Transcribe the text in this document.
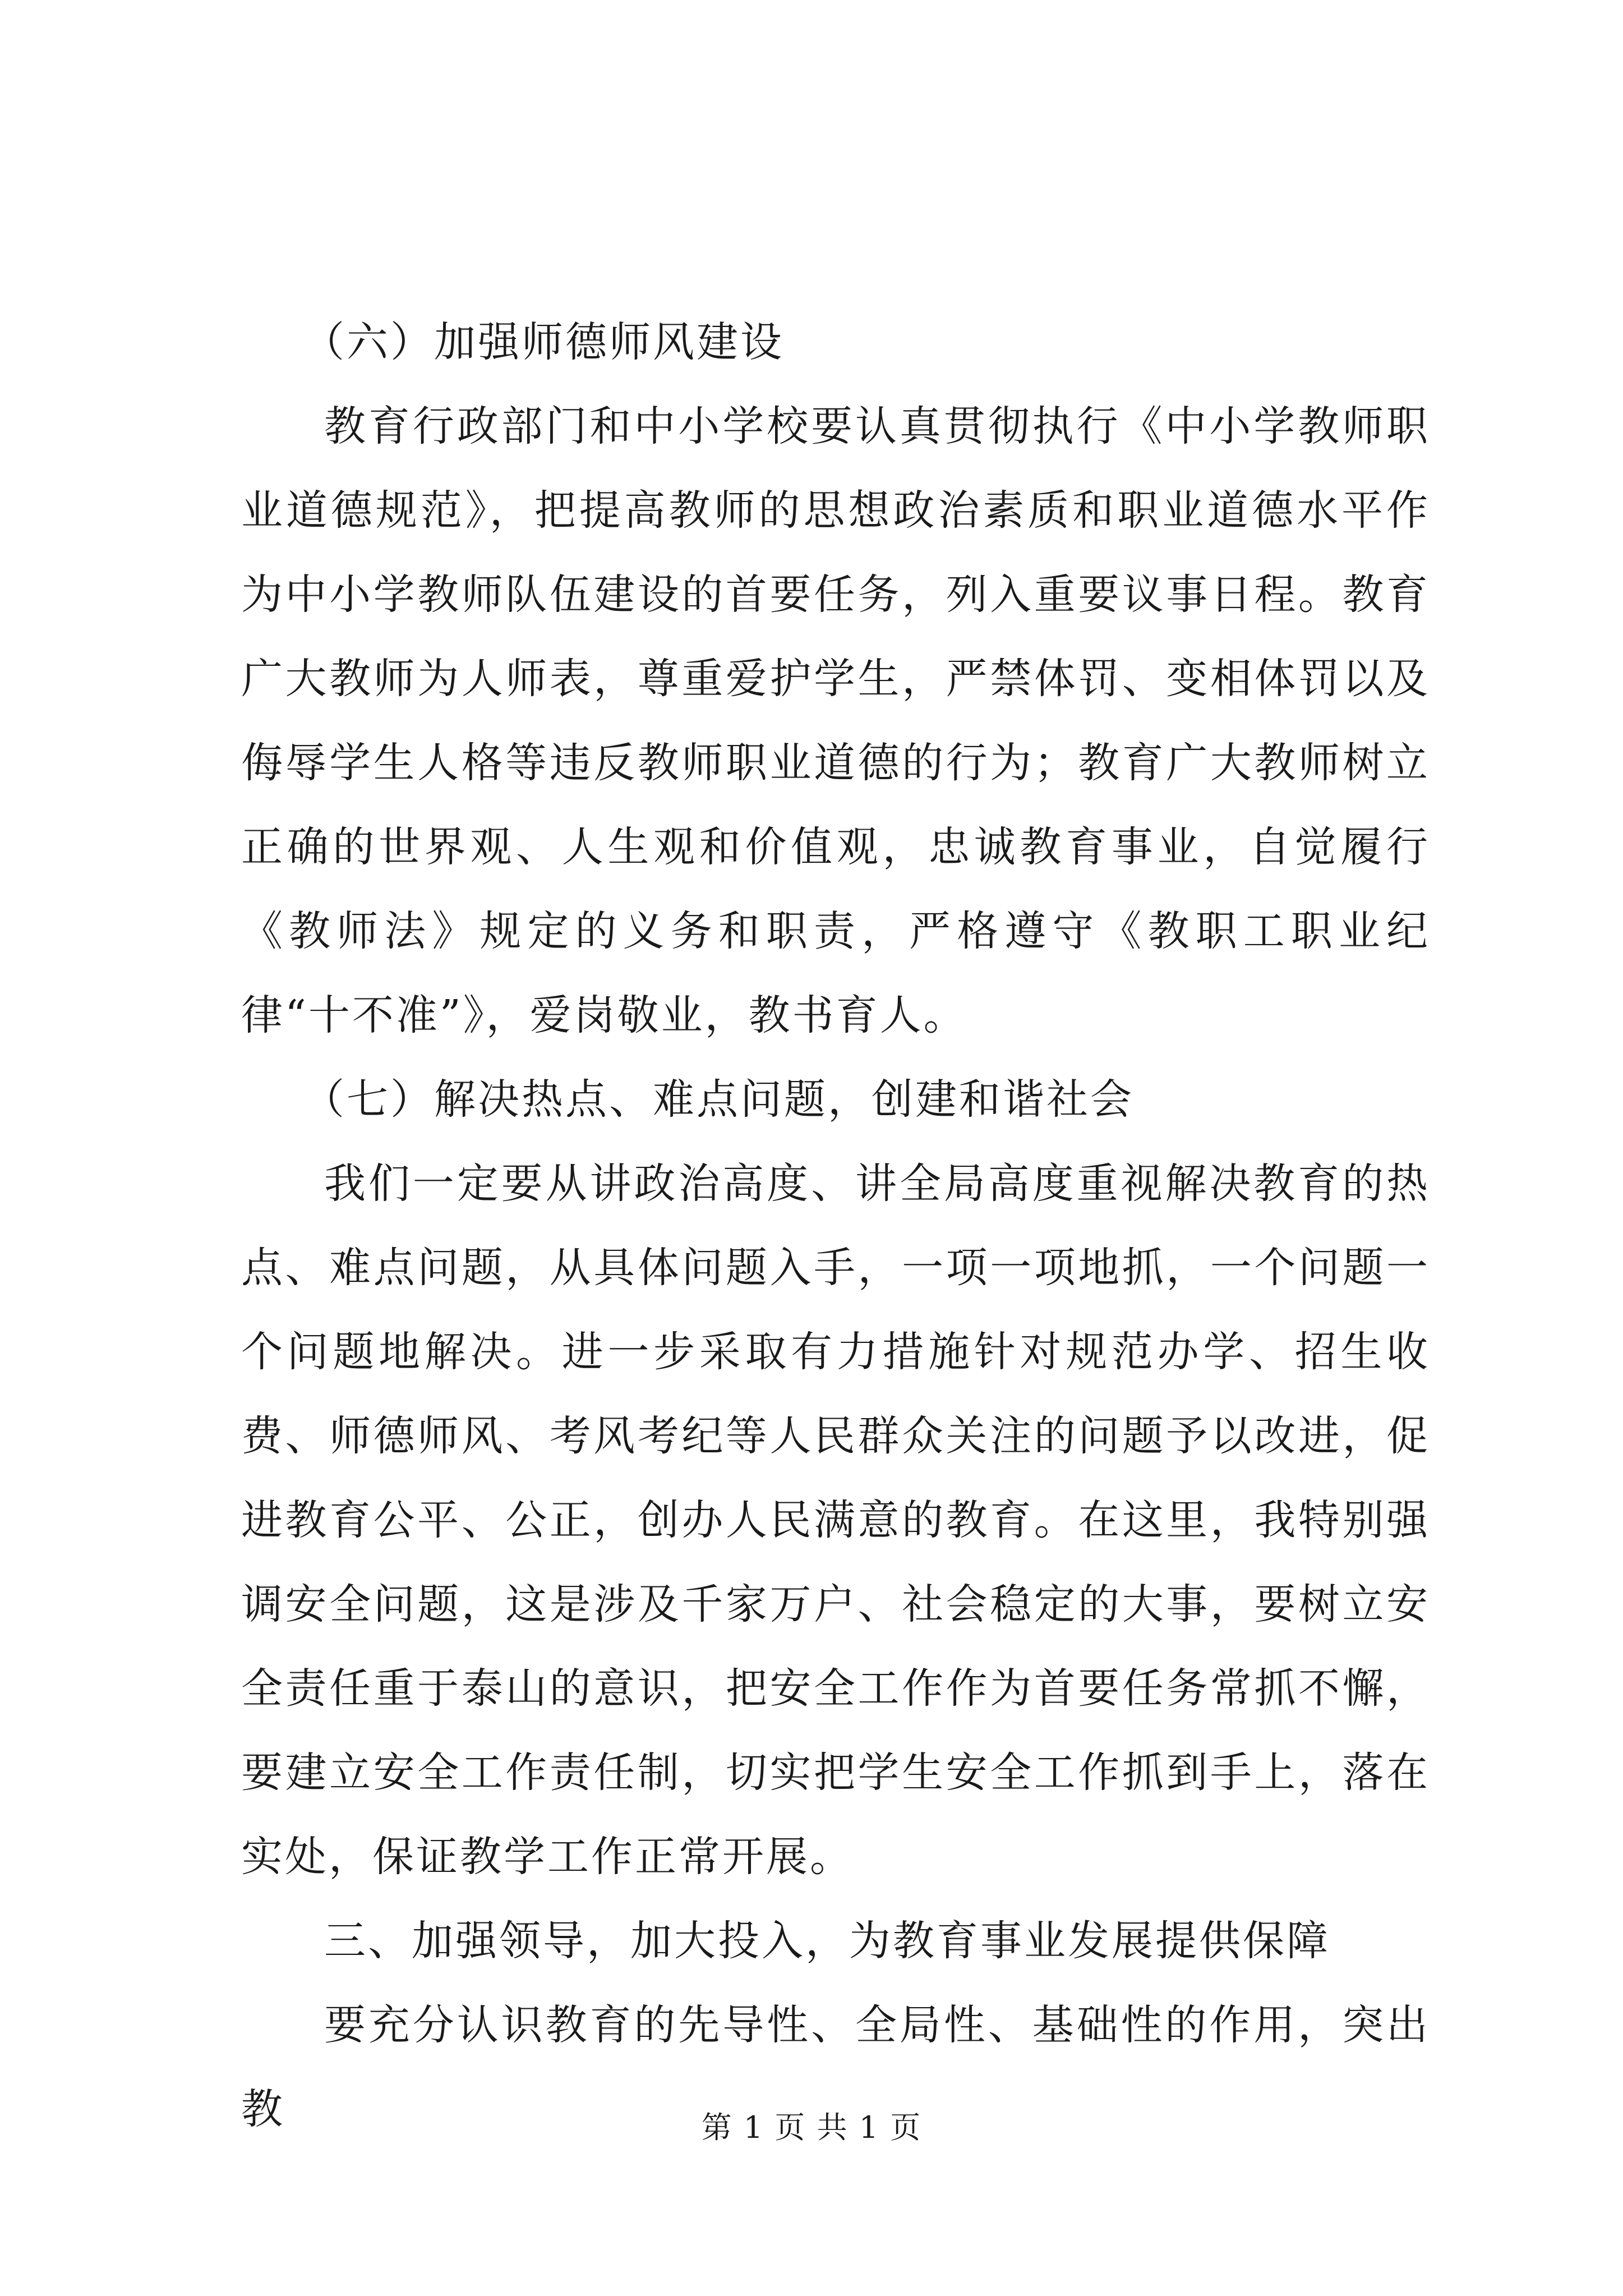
（六）加强师德师风建设

教育行政部门和中小学校要认真贯彻执行《中小学教师职业道德规范》，把提高教师的思想政治素质和职业道德水平作为中小学教师队伍建设的首要任务，列入重要议事日程。教育广大教师为人师表，尊重爱护学生，严禁体罚、变相体罚以及侮辱学生人格等违反教师职业道德的行为；教育广大教师树立正确的世界观、人生观和价值观，忠诚教育事业，自觉履行《教师法》规定的义务和职责，严格遵守《教职工职业纪律“十不准”》，爱岗敬业，教书育人。

（七）解决热点、难点问题，创建和谐社会

我们一定要从讲政治高度、讲全局高度重视解决教育的热点、难点问题，从具体问题入手，一项一项地抓，一个问题一个问题地解决。进一步采取有力措施针对规范办学、招生收费、师德师风、考风考纪等人民群众关注的问题予以改进，促进教育公平、公正，创办人民满意的教育。在这里，我特别强调安全问题，这是涉及千家万户、社会稳定的大事，要树立安全责任重于泰山的意识，把安全工作作为首要任务常抓不懈，要建立安全工作责任制，切实把学生安全工作抓到手上，落在实处，保证教学工作正常开展。

三、加强领导，加大投入，为教育事业发展提供保障

要充分认识教育的先导性、全局性、基础性的作用，突出教	第 1 页 共 1 页
